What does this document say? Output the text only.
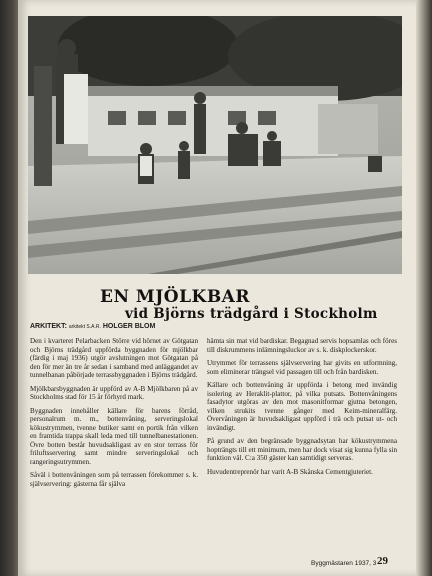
EN MJÖLKBAR
vid Björns trädgård i Stockholm
ARKITEKT: arkitekt S.A.R. HOLGER BLOM

Den i kvarteret Pelarbacken Större vid hörnet av Götgatan och Björns trädgård uppförda byggnaden för mjölkbar (färdig i maj 1936) utgör avslutningen mot Götgatan på den för mer än tre år sedan i samband med anläggandet av tunnelbanan påbörjade terrassbyggnaden i Björns trädgård.

Mjölkbarsbyggnaden är uppförd av A-B Mjölkbaren på av Stockholms stad för 15 år förhyrd mark.

Byggnaden innehåller källare för barens förråd, personalrum m. m., bottenvåning, serveringslokal kökustrymmen, tvenne butiker samt en portik från vilken en framtida trappa skall leda med till tunnelbanestationen. Övre botten består huvudsakligast av en stor terrass för friluftsservering samt mindre serveringslokal och rangeringsutrymmen.

Såväl i bottenvåningen som på terrassen förekommer s. k. självservering: gästerna får själva

hämta sin mat vid bardiskar. Begagnad servis hopsamlas och föres till diskrummens inlämningsluckor av s. k. diskplockerskor.

Utrymmet för terrassens självservering har givits en utformning, som eliminerar trängsel vid passagen till och från bardisken.

Källare och bottenvåning är uppförda i betong med invändig isolering av Heraklit-plattor, på vilka putsats. Bottenvåningens fasadytor utgöras av den mot masonitformar gjutna betongen, vilken strukits tvenne gånger med Keim-mineralfärg. Övervåningen är huvudsakligast uppförd i trä och putsat ut- och invändigt.

På grund av den begränsade byggnadsytan har kökustrymmena hopträngts till ett minimum, men har dock visat sig kunna fylla sin funktion väl. C:a 350 gäster kan samtidigt serveras.

Huvudentreprenör har varit A-B Skånska Cementgjuteriet.

Byggmästaren 1937, 3 29
